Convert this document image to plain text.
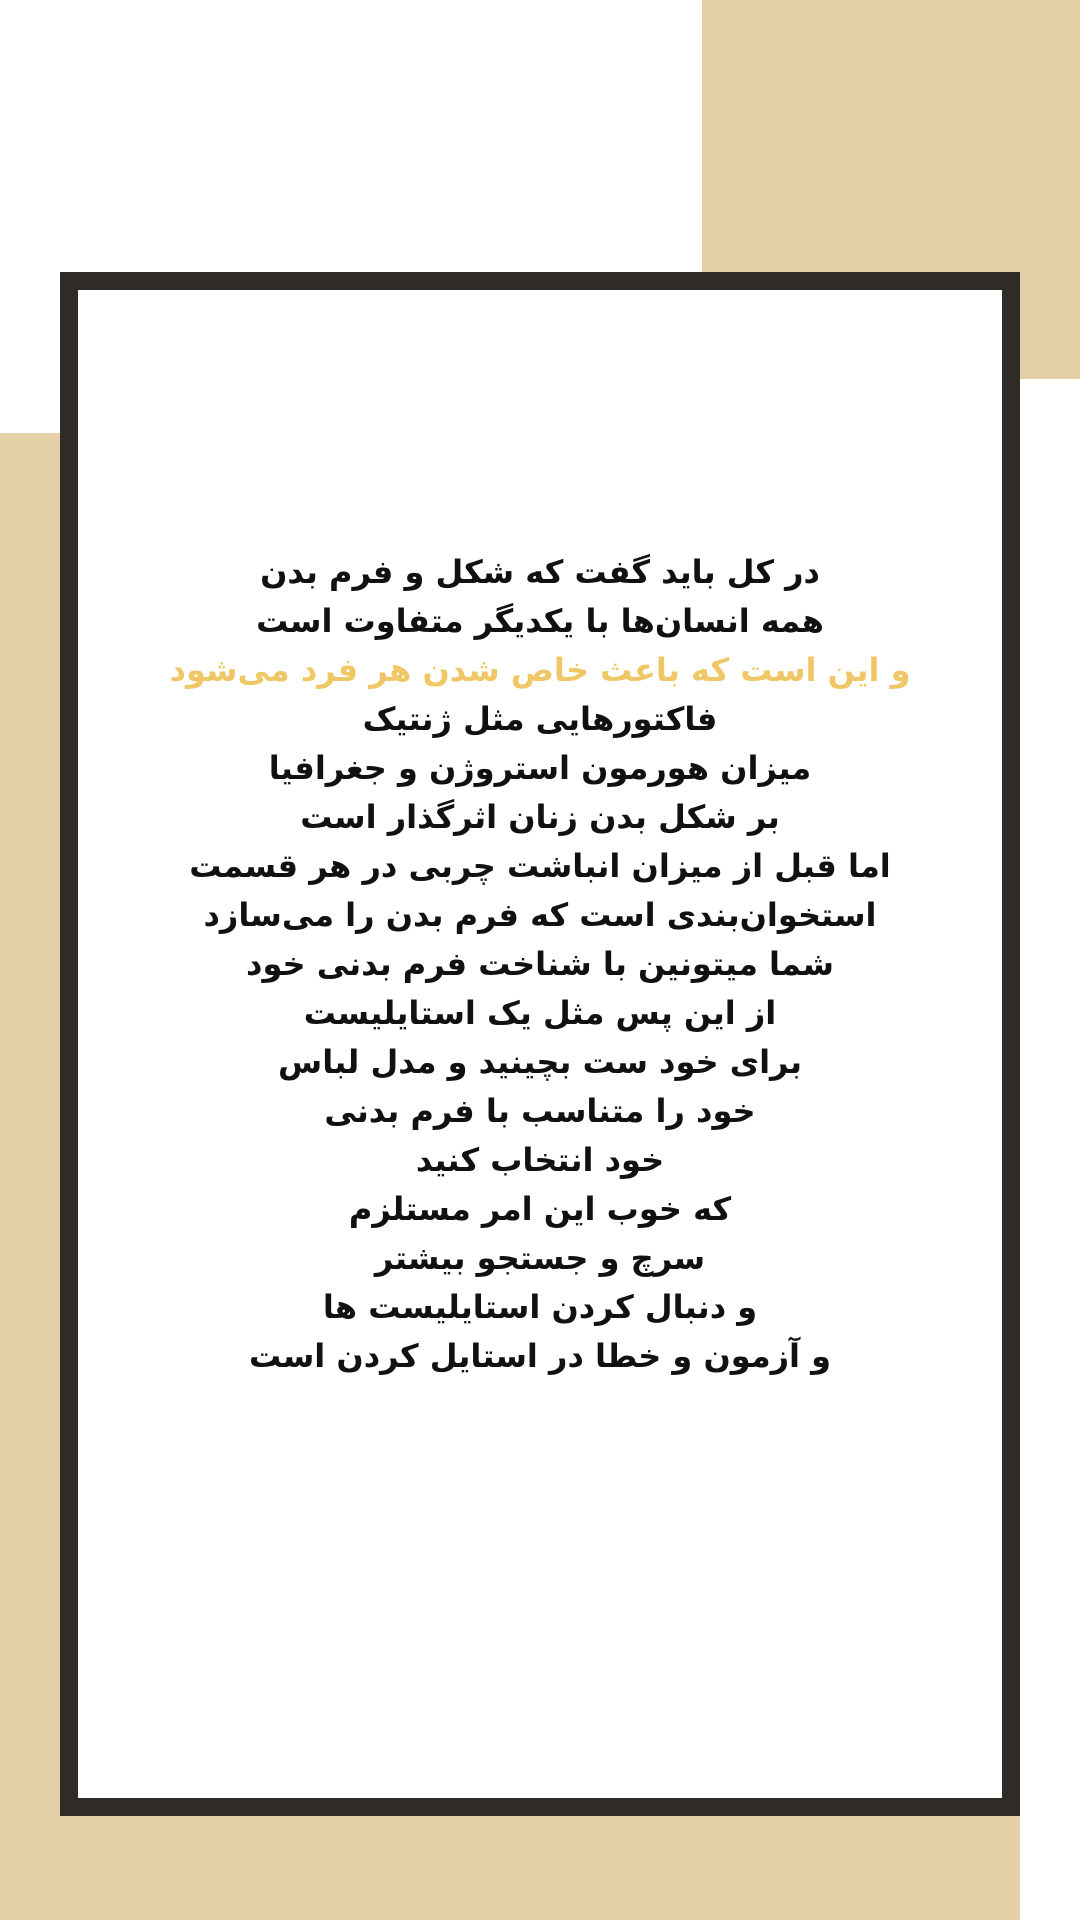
در کل باید گفت که شکل و فرم بدن
همه انسان‌ها با یکدیگر متفاوت است
و این است که باعث خاص شدن هر فرد می‌شود
فاکتورهایی مثل ژنتیک
میزان هورمون استروژن و جغرافیا
بر شکل بدن زنان اثرگذار است
اما قبل از میزان انباشت چربی در هر قسمت
استخوان‌بندی است که فرم بدن را می‌سازد
شما میتونین با شناخت فرم بدنی خود
از این پس مثل یک استایلیست
برای خود ست بچینید و مدل لباس
خود را متناسب با فرم بدنی
خود انتخاب کنید
که خوب این امر مستلزم
سرچ و جستجو بیشتر
و دنبال کردن استایلیست ها
و آزمون و خطا در استایل کردن است
